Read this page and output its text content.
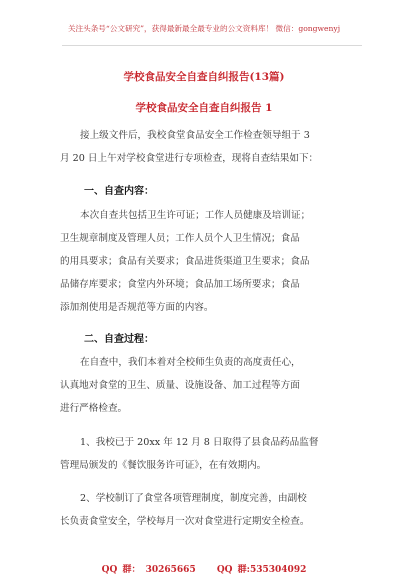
关注头条号“公文研究”，获得最新最全最专业的公文资料库！ 微信：gongwenyj
学校食品安全自查自纠报告(13篇)
学校食品安全自查自纠报告 1
接上级文件后，我校食堂食品安全工作检查领导组于 3
月 20 日上午对学校食堂进行专项检查，现将自查结果如下：
一、自查内容：
本次自查共包括卫生许可证；工作人员健康及培训证；
卫生规章制度及管理人员；工作人员个人卫生情况；食品
的用具要求；食品有关要求；食品进货渠道卫生要求；食品
品储存库要求；食堂内外环境；食品加工场所要求；食品
添加剂使用是否规范等方面的内容。
二、自查过程：
在自查中，我们本着对全校师生负责的高度责任心，
认真地对食堂的卫生、质量、设施设备、加工过程等方面
进行严格检查。
1、我校已于 20xx 年 12 月 8 日取得了县食品药品监督
管理局颁发的《餐饮服务许可证》，在有效期内。
2、学校制订了食堂各项管理制度，制度完善，由副校
长负责食堂安全，学校每月一次对食堂进行定期安全检查。
QQ 群： 30265665 QQ 群:535304092
